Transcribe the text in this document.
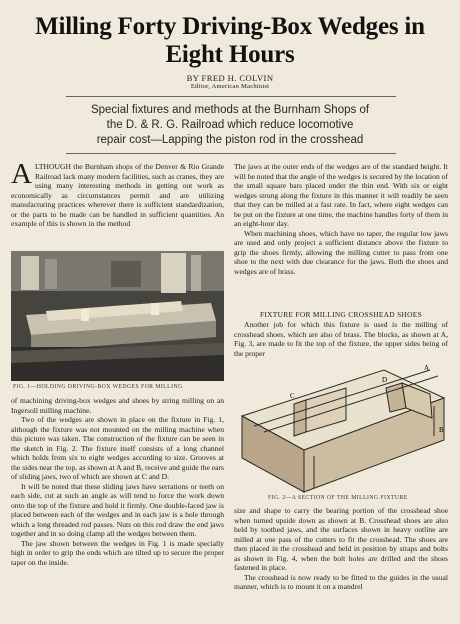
Milling Forty Driving-Box Wedges in
Eight Hours
BY FRED H. COLVIN
Editor, American Machinist
Special fixtures and methods at the Burnham Shops of
the D. & R. G. Railroad which reduce locomotive
repair cost—Lapping the piston rod in the crosshead

ALTHOUGH the Burnham shops of the Denver & Rio Grande Railroad lack many modern facilities, such as cranes, they are using many interesting methods in getting out work as economically as circumstances permit and are utilizing manufacturing practices wherever there is sufficient standardization, or the parts to be made can be handled in sufficient quantities. An example of this is shown in the method

FIG. 1—HOLDING DRIVING-BOX WEDGES FOR MILLING

of machining driving-box wedges and shoes by string milling on an Ingersoll milling machine.

Two of the wedges are shown in place on the fixture in Fig. 1, although the fixture was not mounted on the milling machine when this picture was taken. The construction of the fixture can be seen in the sketch in Fig. 2. The fixture itself consists of a long channel which holds from six to eight wedges according to size. Grooves at the sides near the top, as shown at A and B, receive and guide the ears of sliding jaws, two of which are shown at C and D.

It will be noted that these sliding jaws have serrations or teeth on each side, cut at such an angle as will tend to force the work down onto the top of the fixture and hold it firmly. One double-faced jaw is placed between each of the wedges and in each jaw is a hole through which a long threaded rod passes. Nuts on this rod draw the end jaws together and in so doing clamp all the wedges between them.

The jaw shown between the wedges in Fig. 1 is made specially high in order to grip the ends which are tilted up to secure the proper taper on the inside.

The jaws at the outer ends of the wedges are of the standard height. It will be noted that the angle of the wedges is secured by the location of the small square bars placed under the thin end. With six or eight wedges strung along the fixture in this manner it will readily be seen that they can be milled at a fast rate. In fact, where eight wedges can be put on the fixture at one time, the machine handles forty of them in an eight-hour day.

When machining shoes, which have no taper, the regular low jaws are used and only project a sufficient distance above the fixture to grip the shoes firmly, allowing the milling cutter to pass from one shoe to the next with due clearance for the jaws. Both the shoes and wedges are of brass.

FIXTURE FOR MILLING CROSSHEAD SHOES

Another job for which this fixture is used is the milling of crosshead shoes, which are also of brass. The blocks, as shown at A, Fig. 3, are made to fit the top of the fixture, the upper sides being of the proper

A
B
C
D
FIG. 2—A SECTION OF THE MILLING FIXTURE

size and shape to carry the bearing portion of the crosshead shoe when turned upside down as shown at B. Crosshead shoes are also held by toothed jaws, and the surfaces shown in heavy outline are milled at one pass of the cutters to fit the crosshead. The shoes are then placed in the crosshead and held in position by straps and bolts as shown in Fig. 4, when the bolt holes are drilled and the shoes fastened in place.

The crosshead is now ready to be fitted to the guides in the usual manner, which is to mount it on a mandrel
